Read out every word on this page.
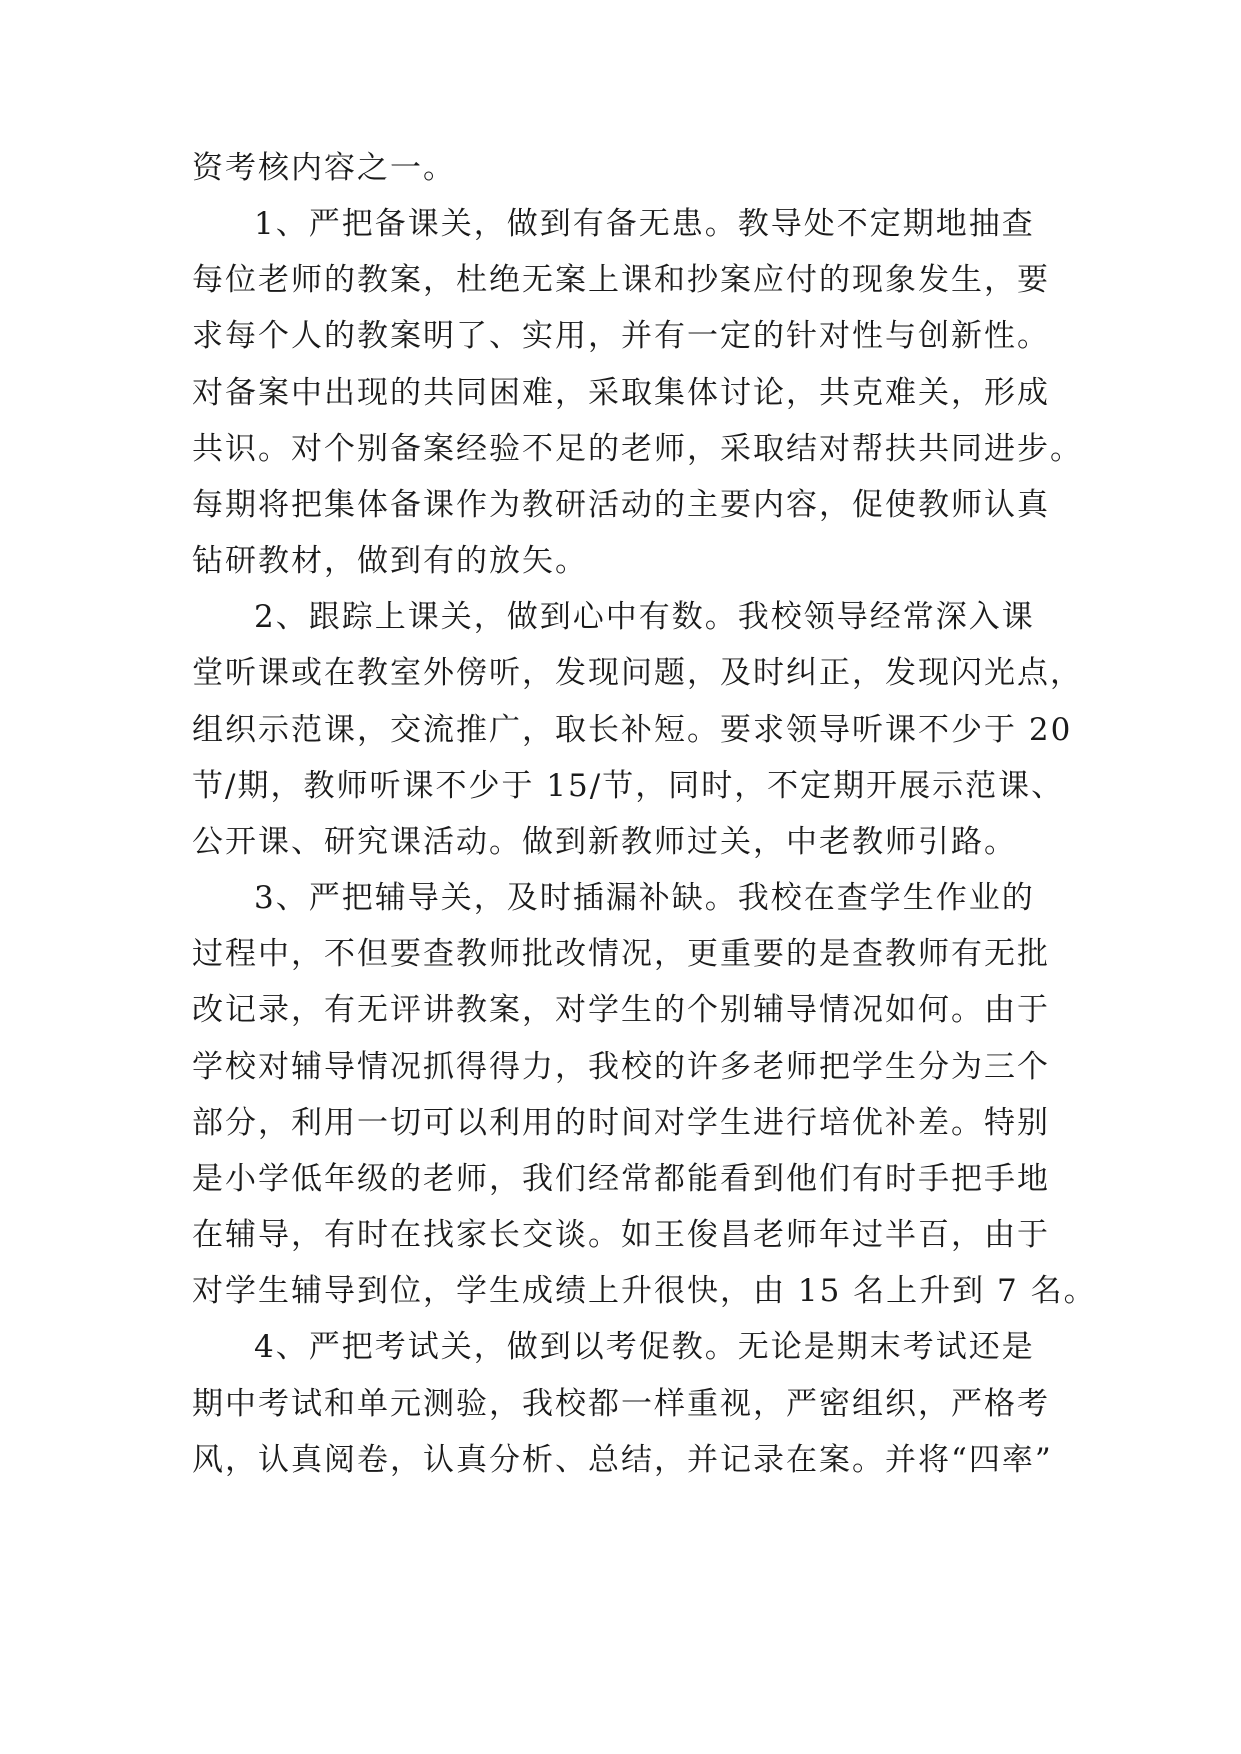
资考核内容之一。
1、严把备课关，做到有备无患。教导处不定期地抽查
每位老师的教案，杜绝无案上课和抄案应付的现象发生，要
求每个人的教案明了、实用，并有一定的针对性与创新性。
对备案中出现的共同困难，采取集体讨论，共克难关，形成
共识。对个别备案经验不足的老师，采取结对帮扶共同进步。
每期将把集体备课作为教研活动的主要内容，促使教师认真
钻研教材，做到有的放矢。
2、跟踪上课关，做到心中有数。我校领导经常深入课
堂听课或在教室外傍听，发现问题，及时纠正，发现闪光点，
组织示范课，交流推广，取长补短。要求领导听课不少于 20
节/期，教师听课不少于 15/节，同时，不定期开展示范课、
公开课、研究课活动。做到新教师过关，中老教师引路。
3、严把辅导关，及时插漏补缺。我校在查学生作业的
过程中，不但要查教师批改情况，更重要的是查教师有无批
改记录，有无评讲教案，对学生的个别辅导情况如何。由于
学校对辅导情况抓得得力，我校的许多老师把学生分为三个
部分，利用一切可以利用的时间对学生进行培优补差。特别
是小学低年级的老师，我们经常都能看到他们有时手把手地
在辅导，有时在找家长交谈。如王俊昌老师年过半百，由于
对学生辅导到位，学生成绩上升很快，由 15 名上升到 7 名。
4、严把考试关，做到以考促教。无论是期末考试还是
期中考试和单元测验，我校都一样重视，严密组织，严格考
风，认真阅卷，认真分析、总结，并记录在案。并将“四率”
